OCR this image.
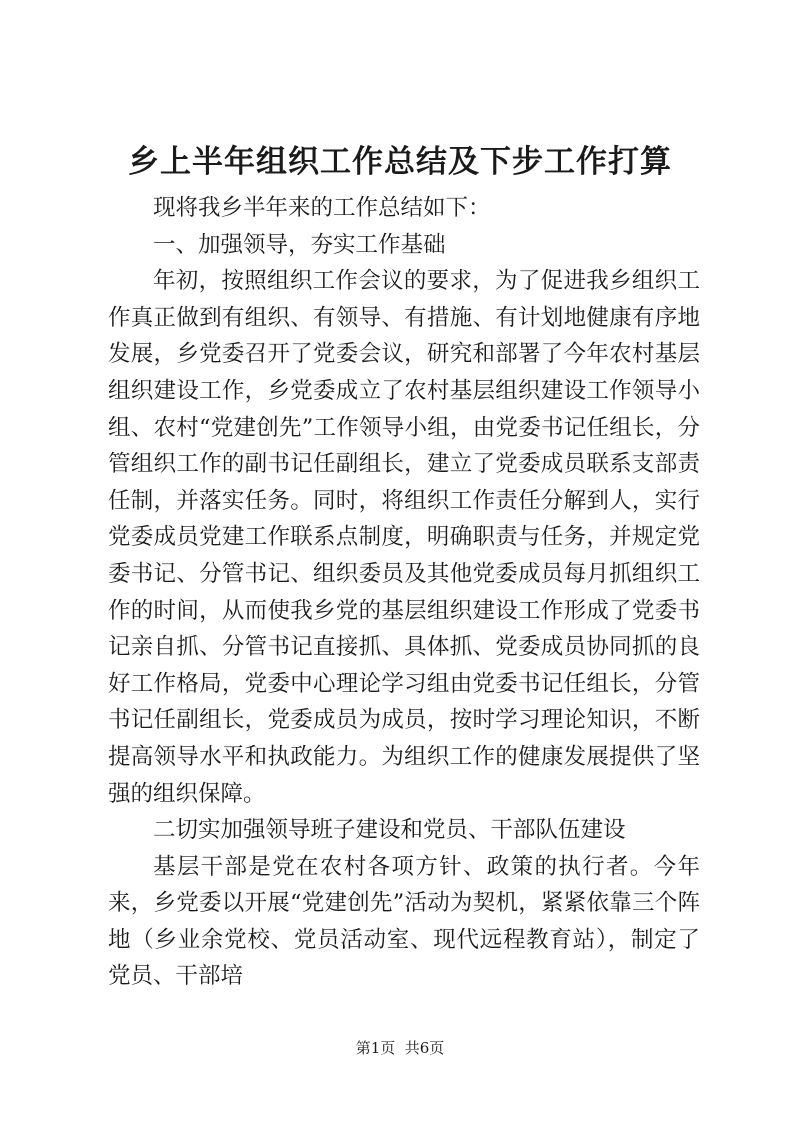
乡上半年组织工作总结及下步工作打算

现将我乡半年来的工作总结如下：

一、加强领导，夯实工作基础

年初，按照组织工作会议的要求，为了促进我乡组织工作真正做到有组织、有领导、有措施、有计划地健康有序地发展，乡党委召开了党委会议，研究和部署了今年农村基层组织建设工作，乡党委成立了农村基层组织建设工作领导小组、农村“党建创先”工作领导小组，由党委书记任组长，分管组织工作的副书记任副组长，建立了党委成员联系支部责任制，并落实任务。同时，将组织工作责任分解到人，实行党委成员党建工作联系点制度，明确职责与任务，并规定党委书记、分管书记、组织委员及其他党委成员每月抓组织工作的时间，从而使我乡党的基层组织建设工作形成了党委书记亲自抓、分管书记直接抓、具体抓、党委成员协同抓的良好工作格局，党委中心理论学习组由党委书记任组长，分管书记任副组长，党委成员为成员，按时学习理论知识，不断提高领导水平和执政能力。为组织工作的健康发展提供了坚强的组织保障。

二切实加强领导班子建设和党员、干部队伍建设

基层干部是党在农村各项方针、政策的执行者。今年来，乡党委以开展“党建创先”活动为契机，紧紧依靠三个阵地（乡业余党校、党员活动室、现代远程教育站），制定了党员、干部培

第1页  共6页
